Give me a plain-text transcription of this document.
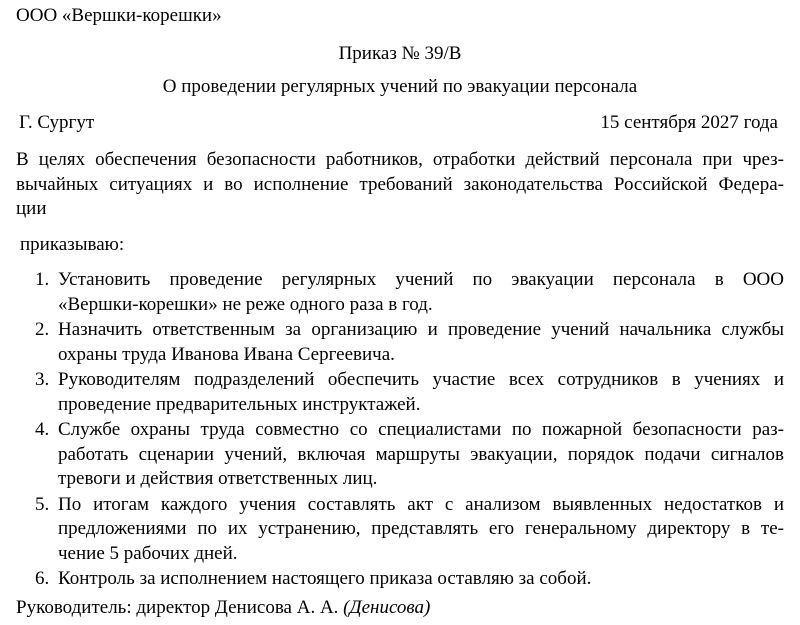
ООО «Вершки-корешки»
Приказ № 39/В
О проведении регулярных учений по эвакуации персонала
Г. Сургут	15 сентября 2027 года
В целях обеспечения безопасности работников, отработки действий персонала при чрез-
вычайных ситуациях и во исполнение требований законодательства Российской Федера-
ции
приказываю:
1. Установить проведение регулярных учений по эвакуации персонала в ООО
«Вершки-корешки» не реже одного раза в год.
2. Назначить ответственным за организацию и проведение учений начальника службы
охраны труда Иванова Ивана Сергеевича.
3. Руководителям подразделений обеспечить участие всех сотрудников в учениях и
проведение предварительных инструктажей.
4. Службе охраны труда совместно со специалистами по пожарной безопасности раз-
работать сценарии учений, включая маршруты эвакуации, порядок подачи сигналов
тревоги и действия ответственных лиц.
5. По итогам каждого учения составлять акт с анализом выявленных недостатков и
предложениями по их устранению, представлять его генеральному директору в те-
чение 5 рабочих дней.
6. Контроль за исполнением настоящего приказа оставляю за собой.
Руководитель: директор Денисова А. А. (Денисова)
